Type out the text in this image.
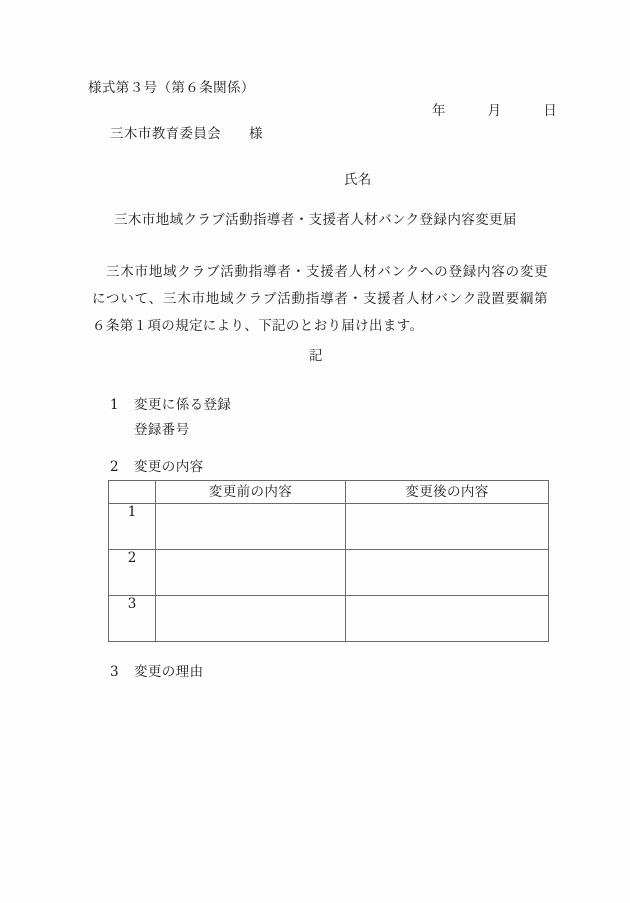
様式第３号（第６条関係）
年　　　月　　　日
三木市教育委員会　　様
氏名
三木市地域クラブ活動指導者・支援者人材バンク登録内容変更届
三木市地域クラブ活動指導者・支援者人材バンクへの登録内容の変更について、三木市地域クラブ活動指導者・支援者人材バンク設置要綱第６条第１項の規定により、下記のとおり届け出ます。
記
1 変更に係る登録
登録番号
2 変更の内容
	変更前の内容	変更後の内容
1		
2		
3		
3 変更の理由
